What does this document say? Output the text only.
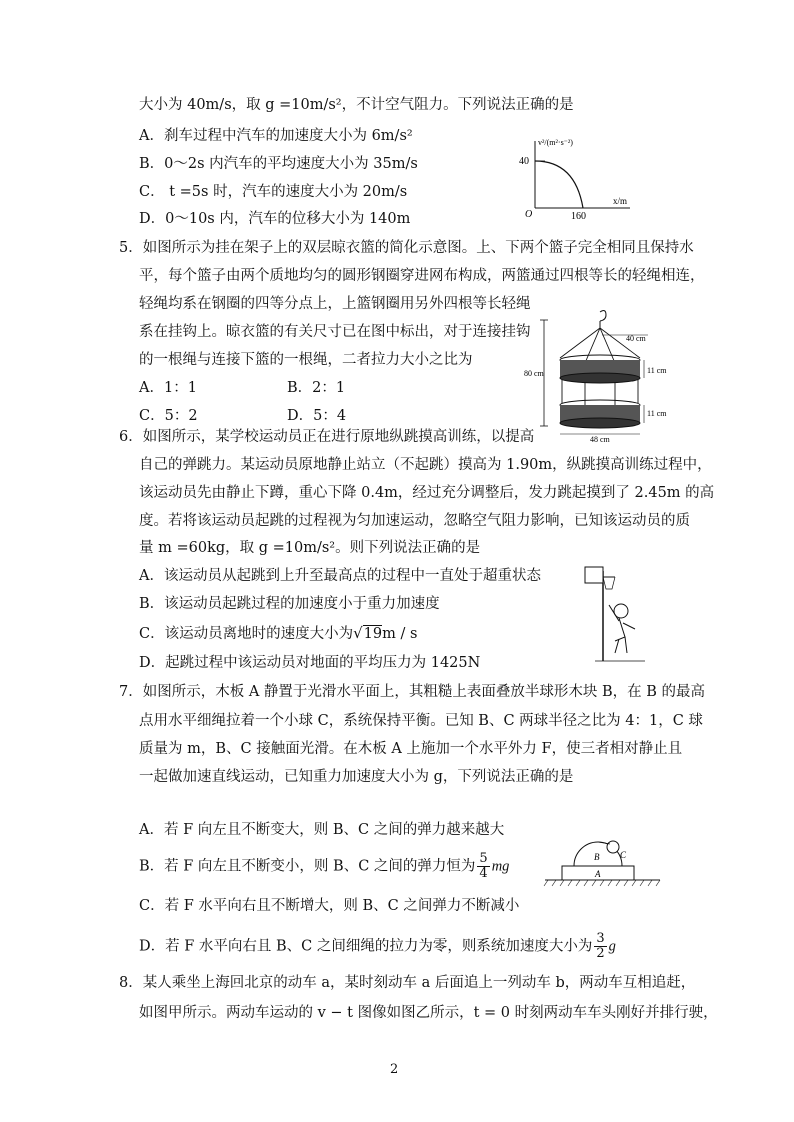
大小为 40m/s，取 g =10m/s²，不计空气阻力。下列说法正确的是
A．刹车过程中汽车的加速度大小为 6m/s²
B．0～2s 内汽车的平均速度大小为 35m/s
C． t =5s 时，汽车的速度大小为 20m/s
D．0～10s 内，汽车的位移大小为 140m
v²/(m²·s⁻²)
40
160
x/m
O
5．如图所示为挂在架子上的双层晾衣篮的简化示意图。上、下两个篮子完全相同且保持水
平，每个篮子由两个质地均匀的圆形钢圈穿进网布构成，两篮通过四根等长的轻绳相连，
轻绳均系在钢圈的四等分点上，上篮钢圈用另外四根等长轻绳
系在挂钩上。晾衣篮的有关尺寸已在图中标出，对于连接挂钩
的一根绳与连接下篮的一根绳，二者拉力大小之比为
A．1：1	B．2：1
C．5：2	D．5：4
80 cm
40 cm
11 cm
11 cm
48 cm
6．如图所示，某学校运动员正在进行原地纵跳摸高训练，以提高
自己的弹跳力。某运动员原地静止站立（不起跳）摸高为 1.90m，纵跳摸高训练过程中，
该运动员先由静止下蹲，重心下降 0.4m，经过充分调整后，发力跳起摸到了 2.45m 的高
度。若将该运动员起跳的过程视为匀加速运动，忽略空气阻力影响，已知该运动员的质
量 m =60kg，取 g =10m/s²。则下列说法正确的是
A．该运动员从起跳到上升至最高点的过程中一直处于超重状态
B．该运动员起跳过程的加速度小于重力加速度
C．该运动员离地时的速度大小为√19m / s
D．起跳过程中该运动员对地面的平均压力为 1425N
7．如图所示，木板 A 静置于光滑水平面上，其粗糙上表面叠放半球形木块 B，在 B 的最高
点用水平细绳拉着一个小球 C，系统保持平衡。已知 B、C 两球半径之比为 4：1，C 球
质量为 m，B、C 接触面光滑。在木板 A 上施加一个水平外力 F，使三者相对静止且
一起做加速直线运动，已知重力加速度大小为 g，下列说法正确的是
A．若 F 向左且不断变大，则 B、C 之间的弹力越来越大
B．若 F 向左且不断变小，则 B、C 之间的弹力恒为 $\frac{5}{4}$ mg
C．若 F 水平向右且不断增大，则 B、C 之间弹力不断减小
D．若 F 水平向右且 B、C 之间细绳的拉力为零，则系统加速度大小为 $\frac{3}{2}$ g
A
B C
8．某人乘坐上海回北京的动车 a，某时刻动车 a 后面追上一列动车 b，两动车互相追赶，
如图甲所示。两动车运动的 v − t 图像如图乙所示，t = 0 时刻两动车车头刚好并排行驶，
2
